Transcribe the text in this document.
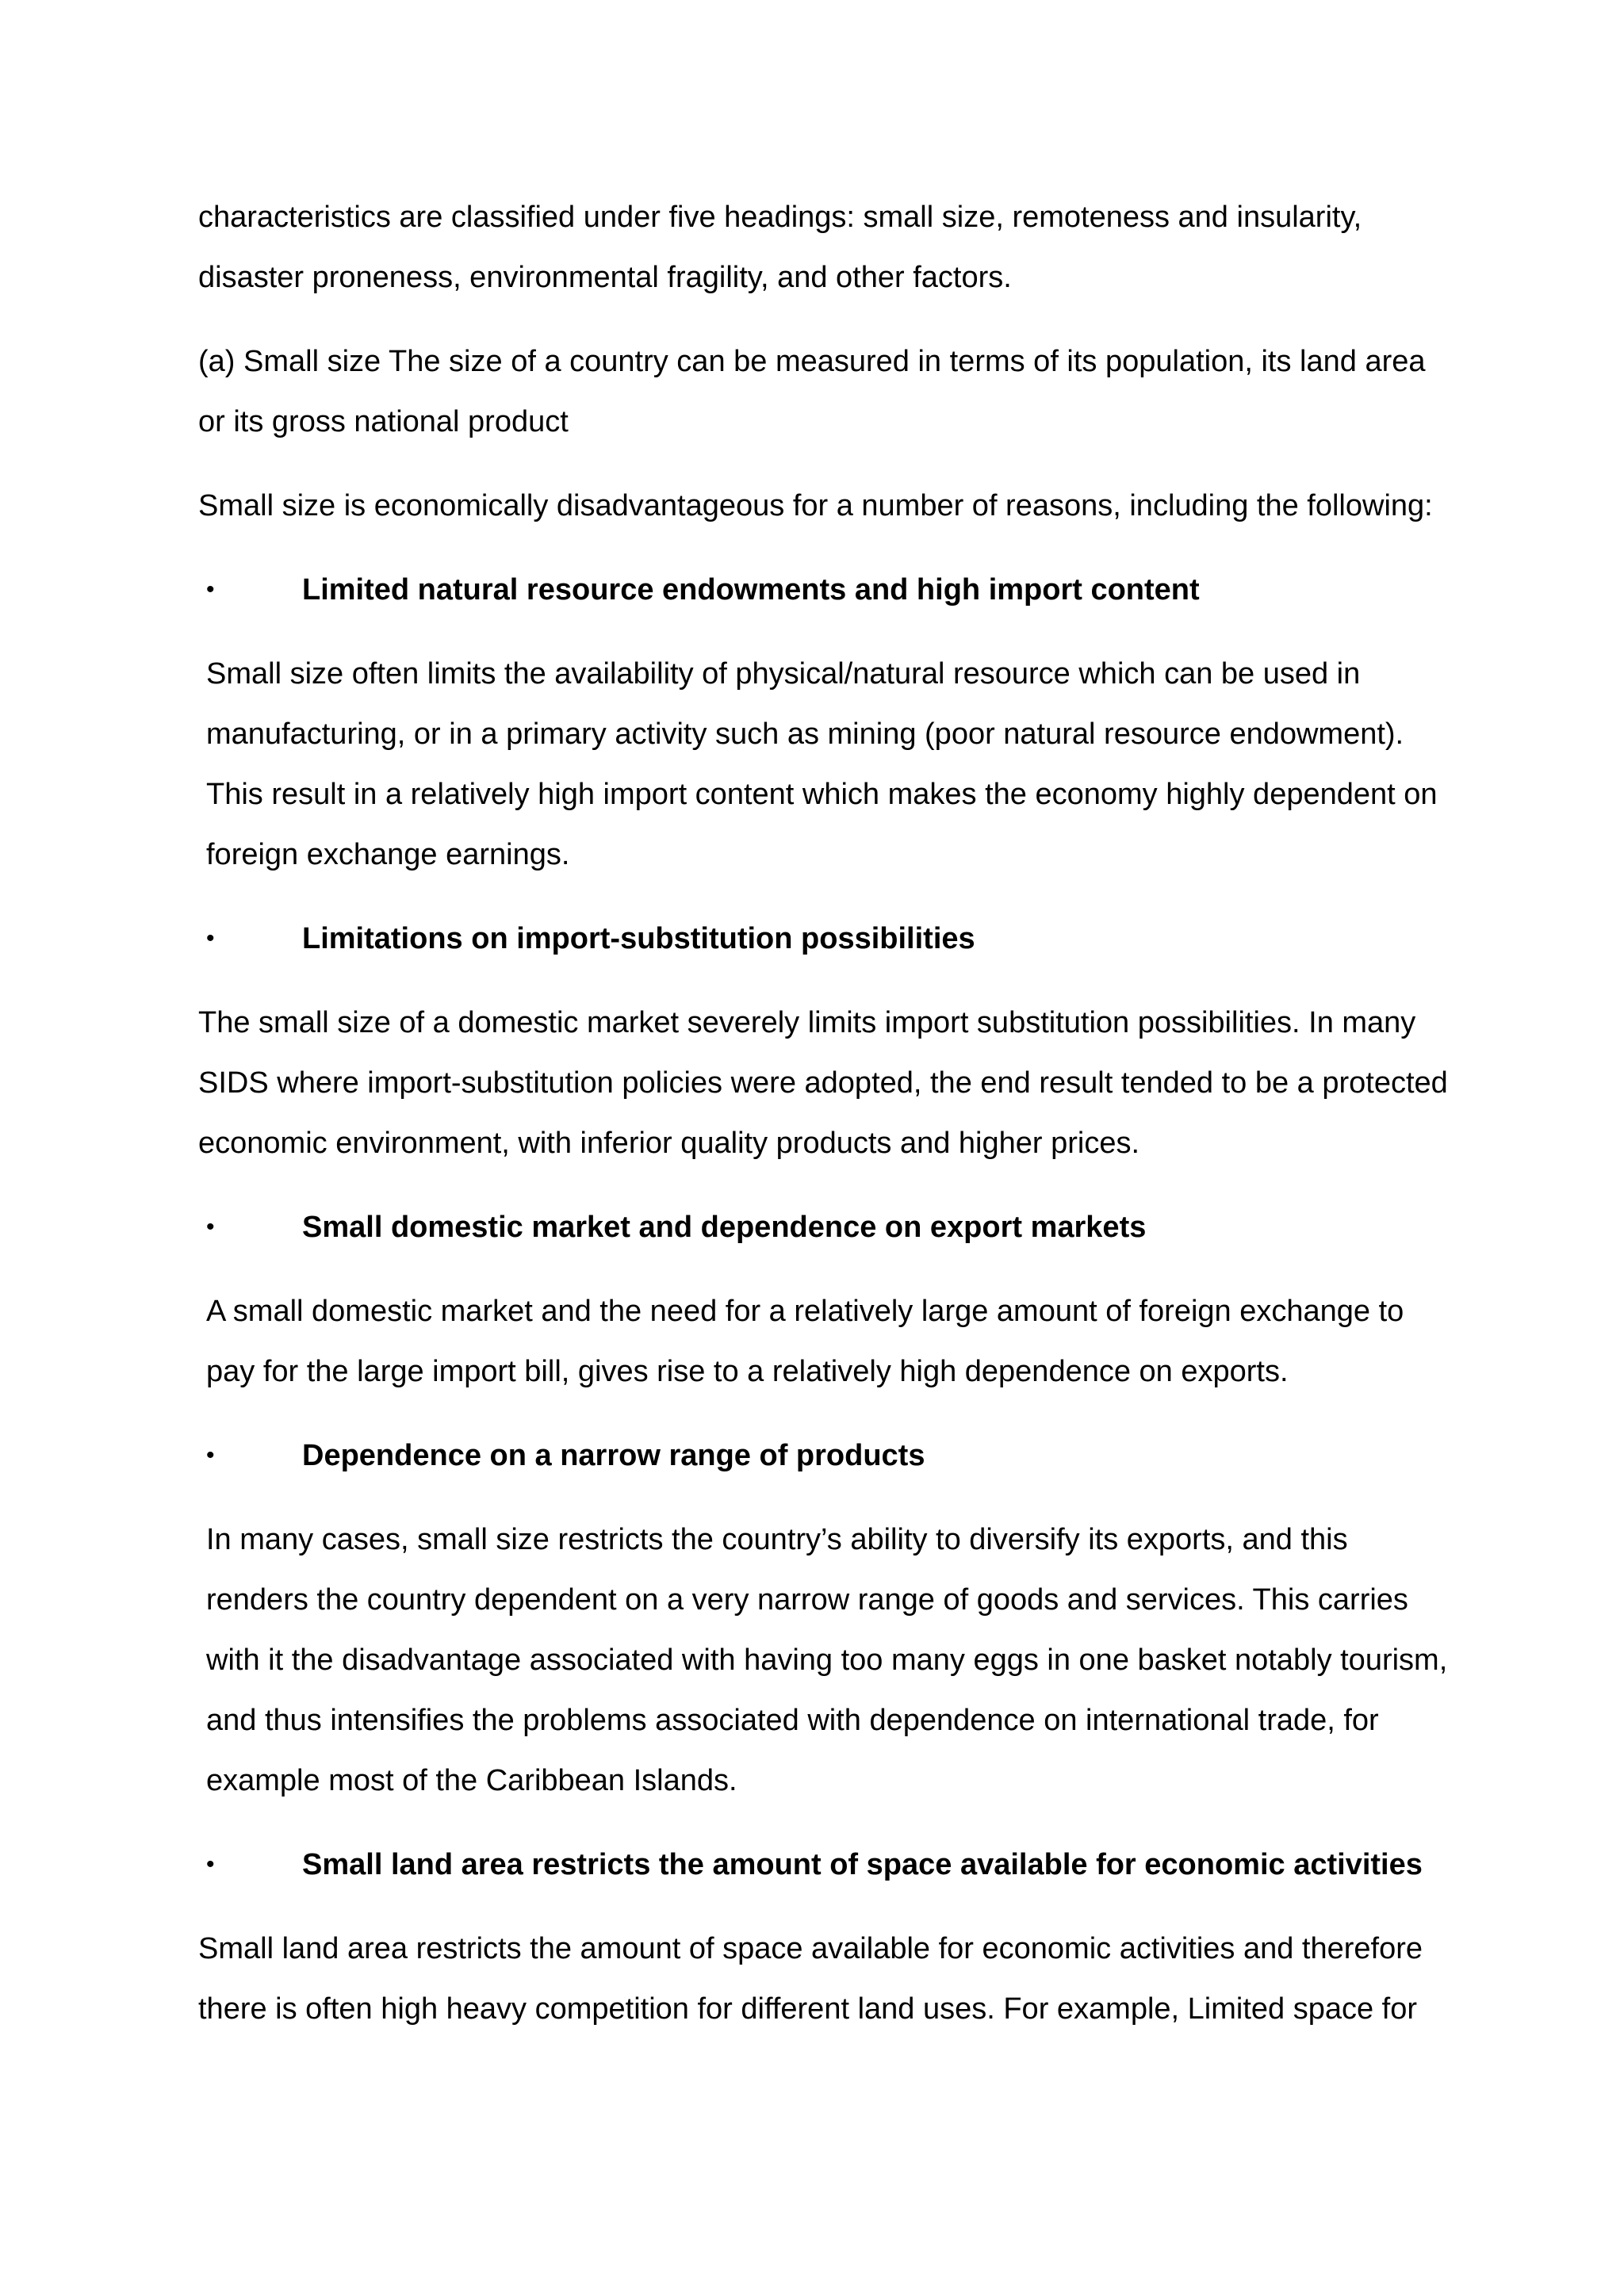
characteristics are classified under five headings: small size, remoteness and insularity, disaster proneness, environmental fragility, and other factors.

(a) Small size The size of a country can be measured in terms of its population, its land area or its gross national product

Small size is economically disadvantageous for a number of reasons, including the following:

•	Limited natural resource endowments and high import content

Small size often limits the availability of physical/natural resource which can be used in manufacturing, or in a primary activity such as mining (poor natural resource endowment). This result in a relatively high import content which makes the economy highly dependent on foreign exchange earnings.

•	Limitations on import-substitution possibilities

The small size of a domestic market severely limits import substitution possibilities. In many SIDS where import-substitution policies were adopted, the end result tended to be a protected economic environment, with inferior quality products and higher prices.

•	Small domestic market and dependence on export markets

A small domestic market and the need for a relatively large amount of foreign exchange to pay for the large import bill, gives rise to a relatively high dependence on exports.

•	Dependence on a narrow range of products

In many cases, small size restricts the country’s ability to diversify its exports, and this renders the country dependent on a very narrow range of goods and services. This carries with it the disadvantage associated with having too many eggs in one basket notably tourism, and thus intensifies the problems associated with dependence on international trade, for example most of the Caribbean Islands.

•	Small land area restricts the amount of space available for economic activities

Small land area restricts the amount of space available for economic activities and therefore there is often high heavy competition for different land uses. For example, Limited space for
